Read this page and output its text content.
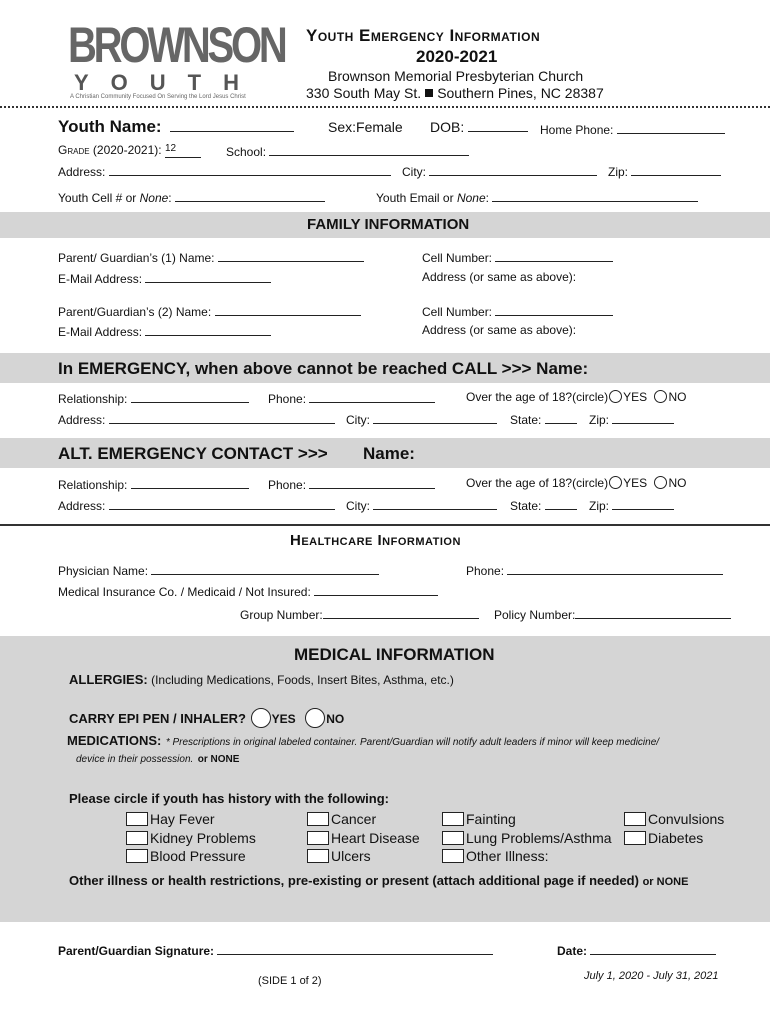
BROWNSON
YOUTH
A Christian Community Focused On Serving the Lord Jesus Christ
Youth Emergency Information
2020-2021
Brownson Memorial Presbyterian Church
330 South May St. Southern Pines, NC 28387
Youth Name:	Sex:Female DOB:	Home Phone:
Grade (2020-2021): $^{12}$	School:
Address:	City:	Zip:
Youth Cell # or None:	Youth Email or None:
FAMILY INFORMATION
Parent/ Guardian’s (1) Name:	Cell Number:
E-Mail Address:	Address (or same as above):
Parent/Guardian’s (2) Name:	Cell Number:
E-Mail Address:	Address (or same as above):
In EMERGENCY, when above cannot be reached CALL >>> Name:
Relationship:	Phone:	Over the age of 18?(circle) YES NO
Address:	City:	State:	Zip:
ALT. EMERGENCY CONTACT >>> Name:
Relationship:	Phone:	Over the age of 18?(circle) YES NO
Address:	City:	State:	Zip:
Healthcare Information
Physician Name:	Phone:
Medical Insurance Co. / Medicaid / Not Insured:
Group Number:	Policy Number:
MEDICAL INFORMATION
ALLERGIES: (Including Medications, Foods, Insert Bites, Asthma, etc.)
CARRY EPI PEN / INHALER? YES	NO
MEDICATIONS: * Prescriptions in original labeled container. Parent/Guardian will notify adult leaders if minor will keep medicine/
device in their possession. or NONE
Please circle if youth has history with the following:
Hay Fever	Cancer	Fainting	Convulsions
Kidney Problems	Heart Disease	Lung Problems/Asthma	Diabetes
Blood Pressure	Ulcers	Other Illness:
Other illness or health restrictions, pre-existing or present (attach additional page if needed) or NONE
Parent/Guardian Signature:	Date:
(SIDE 1 of 2)	July 1, 2020 - July 31, 2021
